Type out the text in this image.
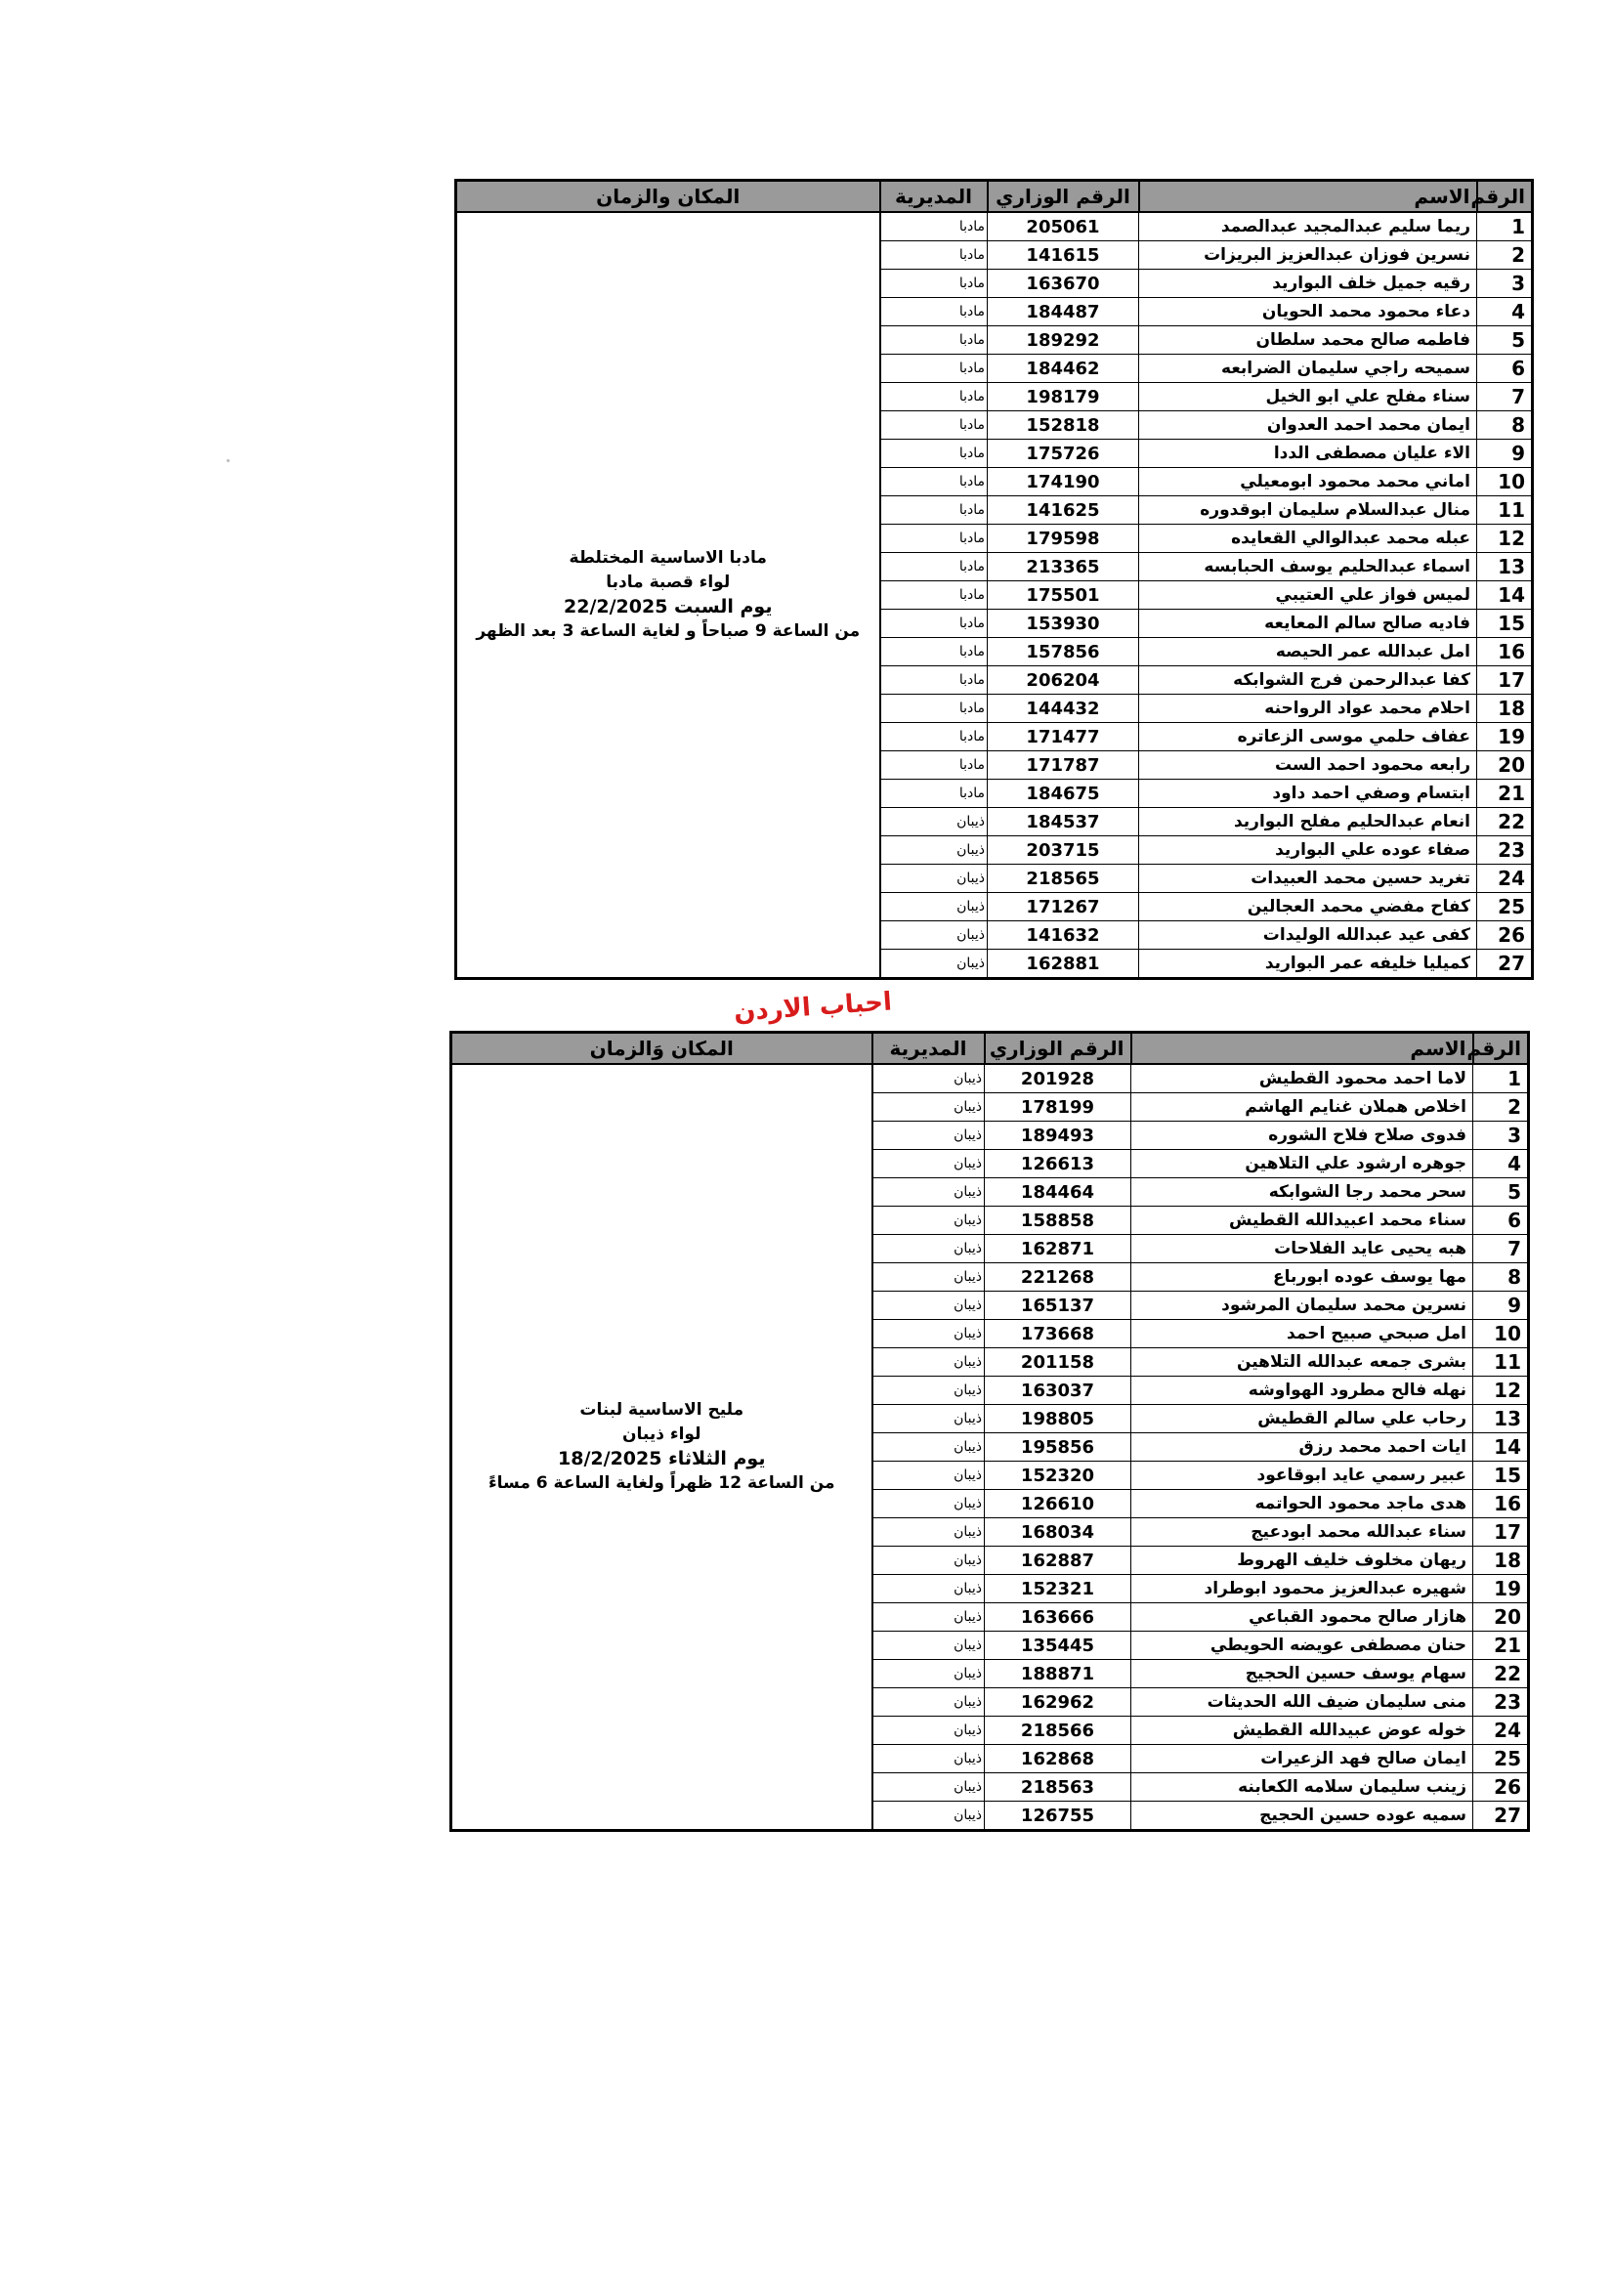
الرقم	الاسم	الرقم الوزاري	المديرية	المكان والزمان
1	ريما سليم عبدالمجيد عبدالصمد	205061	مادبا	مادبا الاساسية المختلطة
لواء قصبة مادبا
يوم السبت 22/2/2025
من الساعة 9 صباحاً و لغاية الساعة 3 بعد الظهر

2	نسرين فوزان عبدالعزيز البريزات	141615	مادبا	
3	رقيه جميل خلف البواريد	163670	مادبا	
4	دعاء محمود محمد الحويان	184487	مادبا	
5	فاطمه صالح محمد سلطان	189292	مادبا	
6	سميحه راجي سليمان الضرابعه	184462	مادبا	
7	سناء مفلح علي ابو الخيل	198179	مادبا	
8	ايمان محمد احمد العدوان	152818	مادبا	
9	الاء عليان مصطفى الددا	175726	مادبا	
10	اماني محمد محمود ابومعيلي	174190	مادبا	
11	منال عبدالسلام سليمان ابوقدوره	141625	مادبا	
12	عبله محمد عبدالوالي القعايده	179598	مادبا	
13	اسماء عبدالحليم يوسف الحبابسه	213365	مادبا	
14	لميس فواز علي العتيبي	175501	مادبا	
15	فاديه صالح سالم المعايعه	153930	مادبا	
16	امل عبدالله عمر الحيصه	157856	مادبا	
17	كفا عبدالرحمن فرج الشوابكه	206204	مادبا	
18	احلام محمد عواد الرواحنه	144432	مادبا	
19	عفاف حلمي موسى الزعاتره	171477	مادبا	
20	رابعه محمود احمد الست	171787	مادبا	
21	ابتسام وصفي احمد داود	184675	مادبا	
22	انعام عبدالحليم مفلح البواريد	184537	ذيبان	
23	صفاء عوده علي البواريد	203715	ذيبان	
24	تغريد حسين محمد العبيدات	218565	ذيبان	
25	كفاح مفضي محمد العجالين	171267	ذيبان	
26	كفى عيد عبدالله الوليدات	141632	ذيبان	
27	كميليا خليفه عمر البواريد	162881	ذيبان	
احباب الاردن
الرقم	الاسم	الرقم الوزاري	المديرية	المكان وَالزمان
1	لاما احمد محمود القطيش	201928	ذيبان	مليح الاساسية لبنات
لواء ذيبان
يوم الثلاثاء 18/2/2025
من الساعة 12 ظهراً ولغاية الساعة 6 مساءً

2	اخلاص هملان غنايم الهاشم	178199	ذيبان	
3	فدوى صلاح فلاح الشوره	189493	ذيبان	
4	جوهره ارشود علي التلاهين	126613	ذيبان	
5	سحر محمد رجا الشوابكه	184464	ذيبان	
6	سناء محمد اعبيدالله القطيش	158858	ذيبان	
7	هبه يحيى عايد الفلاحات	162871	ذيبان	
8	مها يوسف عوده ابورباع	221268	ذيبان	
9	نسرين محمد سليمان المرشود	165137	ذيبان	
10	امل صبحي صبيح احمد	173668	ذيبان	
11	بشرى جمعه عبدالله التلاهين	201158	ذيبان	
12	نهله فالح مطرود الهواوشه	163037	ذيبان	
13	رحاب علي سالم القطيش	198805	ذيبان	
14	ايات احمد محمد رزق	195856	ذيبان	
15	عبير رسمي عايد ابوقاعود	152320	ذيبان	
16	هدى ماجد محمود الحواتمه	126610	ذيبان	
17	سناء عبدالله محمد ابودعيج	168034	ذيبان	
18	ريهان مخلوف خليف الهروط	162887	ذيبان	
19	شهيره عبدالعزيز محمود ابوطراد	152321	ذيبان	
20	هازار صالح محمود القباعي	163666	ذيبان	
21	حنان مصطفى عويضه الحويطي	135445	ذيبان	
22	سهام يوسف حسين الحجيج	188871	ذيبان	
23	منى سليمان ضيف الله الحديثات	162962	ذيبان	
24	خوله عوض عبيدالله القطيش	218566	ذيبان	
25	ايمان صالح فهد الزعيرات	162868	ذيبان	
26	زينب سليمان سلامه الكعابنه	218563	ذيبان	
27	سميه عوده حسين الحجيج	126755	ذيبان	
